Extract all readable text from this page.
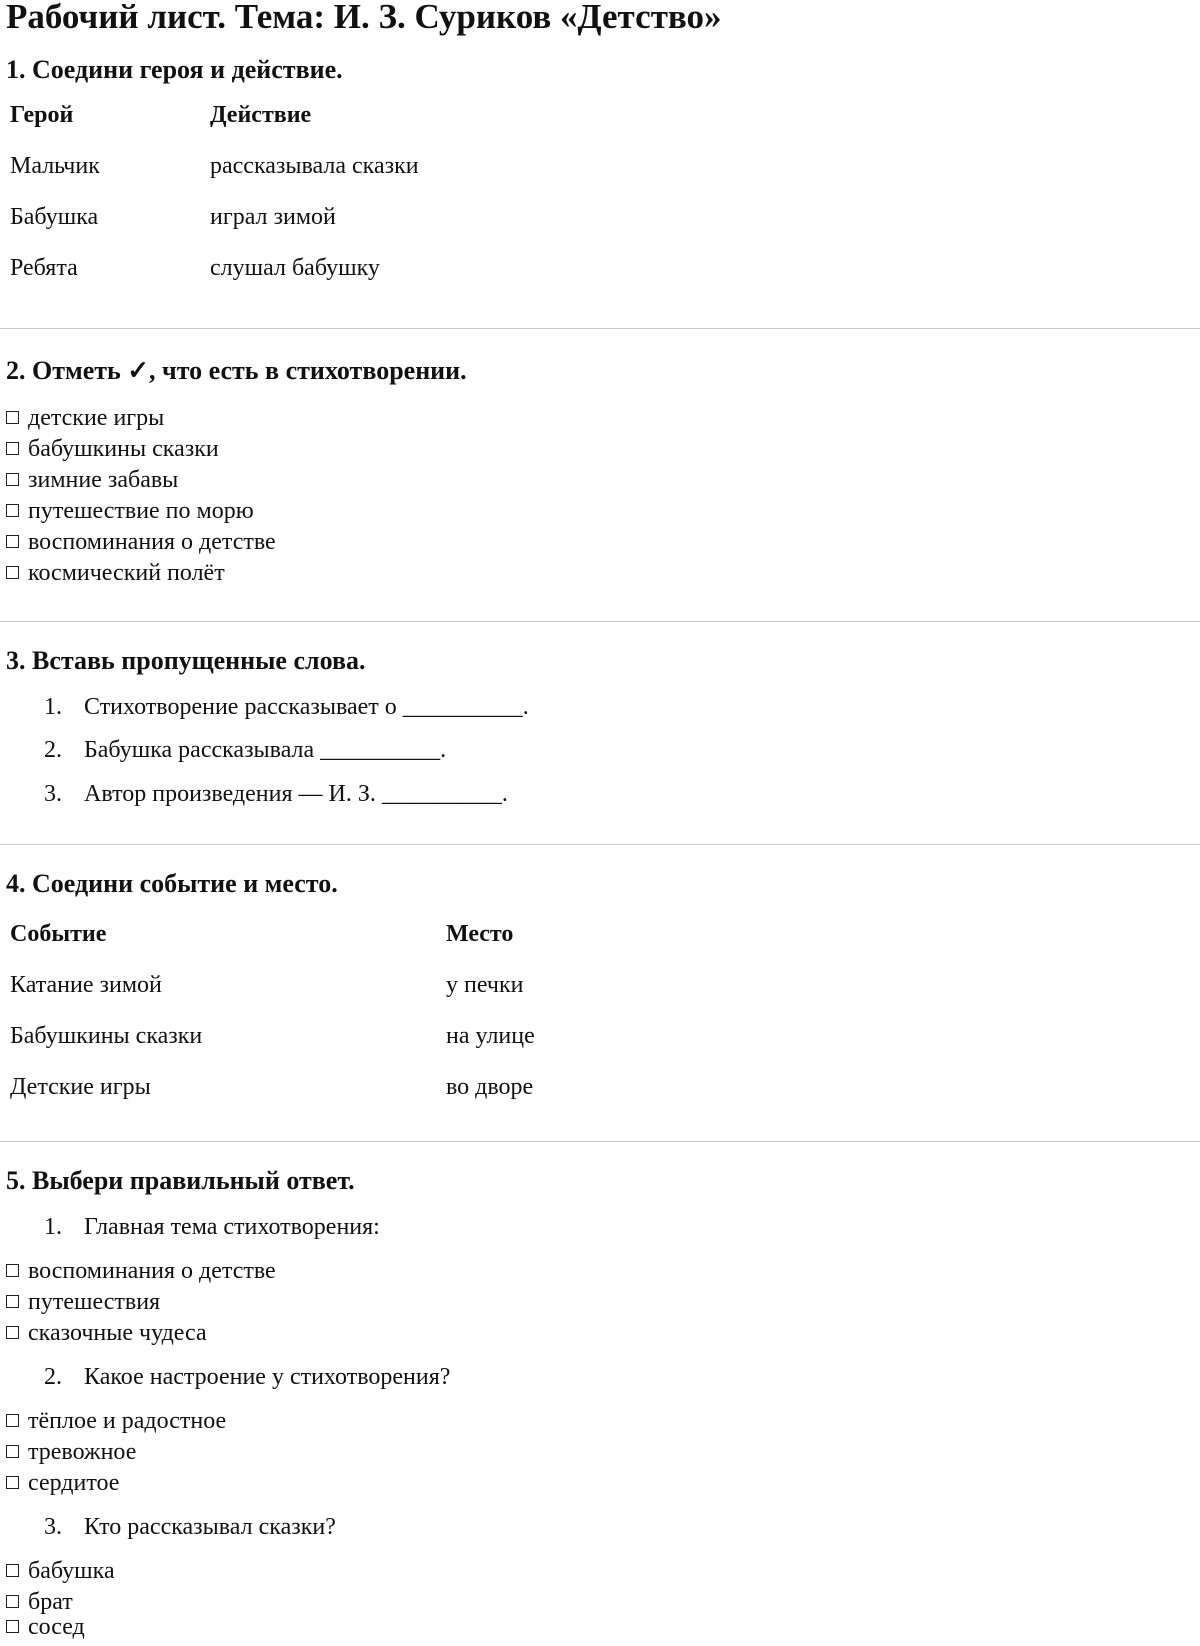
Рабочий лист. Тема: И. З. Суриков «Детство»
1. Соедини героя и действие.
Герой	Действие
Мальчик	рассказывала сказки
Бабушка	играл зимой
Ребята	слушал бабушку
2. Отметь ✓, что есть в стихотворении.
детские игры
бабушкины сказки
зимние забавы
путешествие по морю
воспоминания о детстве
космический полёт
3. Вставь пропущенные слова.
1. Стихотворение рассказывает о __________.
2. Бабушка рассказывала __________.
3. Автор произведения — И. З. __________.
4. Соедини событие и место.
Событие	Место
Катание зимой	у печки
Бабушкины сказки	на улице
Детские игры	во дворе
5. Выбери правильный ответ.
1. Главная тема стихотворения:
воспоминания о детстве
путешествия
сказочные чудеса
2. Какое настроение у стихотворения?
тёплое и радостное
тревожное
сердитое
3. Кто рассказывал сказки?
бабушка
брат
сосед
